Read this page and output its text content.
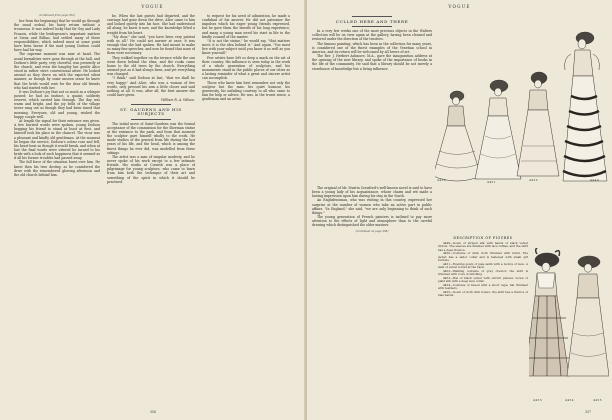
VOGUE
(Continued from page 352)

her from the beginning) that he would go through the usual ordeal, his hasty return without a trousseau. It was indeed lucky that Sir Guy and Lady Francis, while the bridegroom's important matters at Siena and Bilbao, had settled many of these responsibilities, which indeed must at some point have been borne if the mad young Dodson could have had his way.

The supreme moment was near at hand. The usual formalities were gone through at the hall, and Dodson's little party, very cheerful, was presently at the church, and even the haughty but gentle Alice stood in rather strict conventional attire. He looked around as they drove on with the expected silent manner, as though by some unseen sense he knew that the bride would wait for the dear old friends who had started with her.

It was Dodson's joy that not so much as a whisper passed; he had an instinct, a quaint, soldierly reserve, which carried him through. The day was warm and bright, and the joy bells of the village tower rang out as though they had been tuned that morning. Everyone, old and young, wished the happy couple well.

At length the signal for their entrance was given. A few hurried words were spoken, young Dodson begging his friend to stand at least at first, and himself took his place in the chancel. The vicar was a pleasant and kindly old gentleman. At the moment he began the service, Dodson's colour rose and fell; his heart beat as though it would break, and when at last the final words were uttered he turned to his bride with a look of such happiness that it seemed as if all his former troubles had passed away.

The full force of the situation burst over him. He knew then his true destiny, as he considered the drive with the remembered glowing afternoon and the old church behind him.

be. When the last guests had departed, and the carriage had gone down the drive, Alice came to him and looked quietly into his face. She had understood all along; he knew it now, and the knowledge lifted a weight from his heart.

"My dear," she said, "you have been very patient with us all." He could not answer at once; it was enough that she had spoken. He had meant to make so many fine speeches, and now he found that none of them were necessary.

They walked together on the terrace while the sun went down behind the elms, and the rooks came home to the old trees by the church. Everything seemed just as it had always been, and yet everything was changed.

"I think," said Dodson at last, "that we shall be very happy." And Alice, who was a woman of few words, only pressed his arm a little closer and said nothing at all. It was, after all, the best answer she could have given.

William R. A. Wilson.
ST. GAUDENS AND HIS SUBJECTS

The initial move of Saint-Gaudens was the formal acceptance of the commission for the Sherman statue at the entrance to the park, and from that moment the sculptor gave himself wholly to the work. He made studies of the general from life during the last years of his life, and the head, which is among the finest things he ever did, was modelled from these sittings.

The artist was a man of singular modesty, and he never spoke of his work except to a few intimate friends. His studio at Cornish was a place of pilgrimage for young sculptors, who came to learn from him both the technique of their art and something of the spirit in which it should be practised.

to request for his need of admiration, he made a confidant of his answer. He did not patronize the impulses which his eager young friends expressed, but he gave them the benefit of his long experience, and many a young man owed his start in life to the kindly counsel of the master.

"It is not the statue," he would say, "that matters most; it is the idea behind it." And again, "You must live with your subject until you know it as well as you know yourself."

Few artists have left so deep a mark on the art of their country. His influence is seen today in the work of a whole generation of sculptors, and his monuments stand in the public places of our cities as a lasting reminder of what a great and sincere artist can accomplish.

Those who knew him best remember not only the sculptor but the man: his quiet humour, his generosity, his unfailing courtesy to all who came to him for help or advice. He was, in the truest sense, a gentleman and an artist.

356
VOGUE
CULLED HERE AND THERE

In a very few weeks one of the most precious objects in the Walters collection will be on view again at the gallery, having been cleaned and restored under the direction of the trustees.

The famous painting, which has been in the collection for many years, is considered one of the finest examples of the Venetian school in America, and its return will be welcomed by all lovers of art.

The Rev. J. Herbert Ashmore, M.A., gave the inauguration address at the opening of the new library, and spoke of the importance of books in the life of the community. He said that a library should be not merely a storehouse of knowledge but a living influence.

4450	4451	4452	4449

The original of Mr. Mustin Crawford's well-known novel is said to have been a young lady of his acquaintance, whose charm and wit made a lasting impression upon him during his stay in the South.

An Englishwoman, who was visiting in this country, expressed her surprise at the number of women who take an active part in public affairs. "In England," she said, "we are only beginning to think of such things."

The young generation of French painters is inclined to pay more attention to the effects of light and atmosphere than to the careful drawing which distinguished the older masters.

(Continued on page 358)
DESCRIPTION OF FIGURES

4449—Gown of striped silk with bands of black velvet ribbon. The sleeves are finished with lace ruffles, and the skirt has a deep flounce.

4450—Costume of dark cloth trimmed with braid. The jacket has a sailor collar and is fastened with small gilt buttons.

4451—Evening gown of pale satin with a bodice of lace. A sash of velvet is tied at the back.

4452—Walking costume of grey cheviot; the skirt is trimmed with rows of stitching.

4453—Hat of black velvet with ostrich plumes. Gown of plaid silk with a deep lace collar.

4454—Costume of tweed with a short cape; hat trimmed with feathers.

4455—Gown of cloth with bolero; the skirt has a flounce of bias bands.

4453	4454	4455
357
